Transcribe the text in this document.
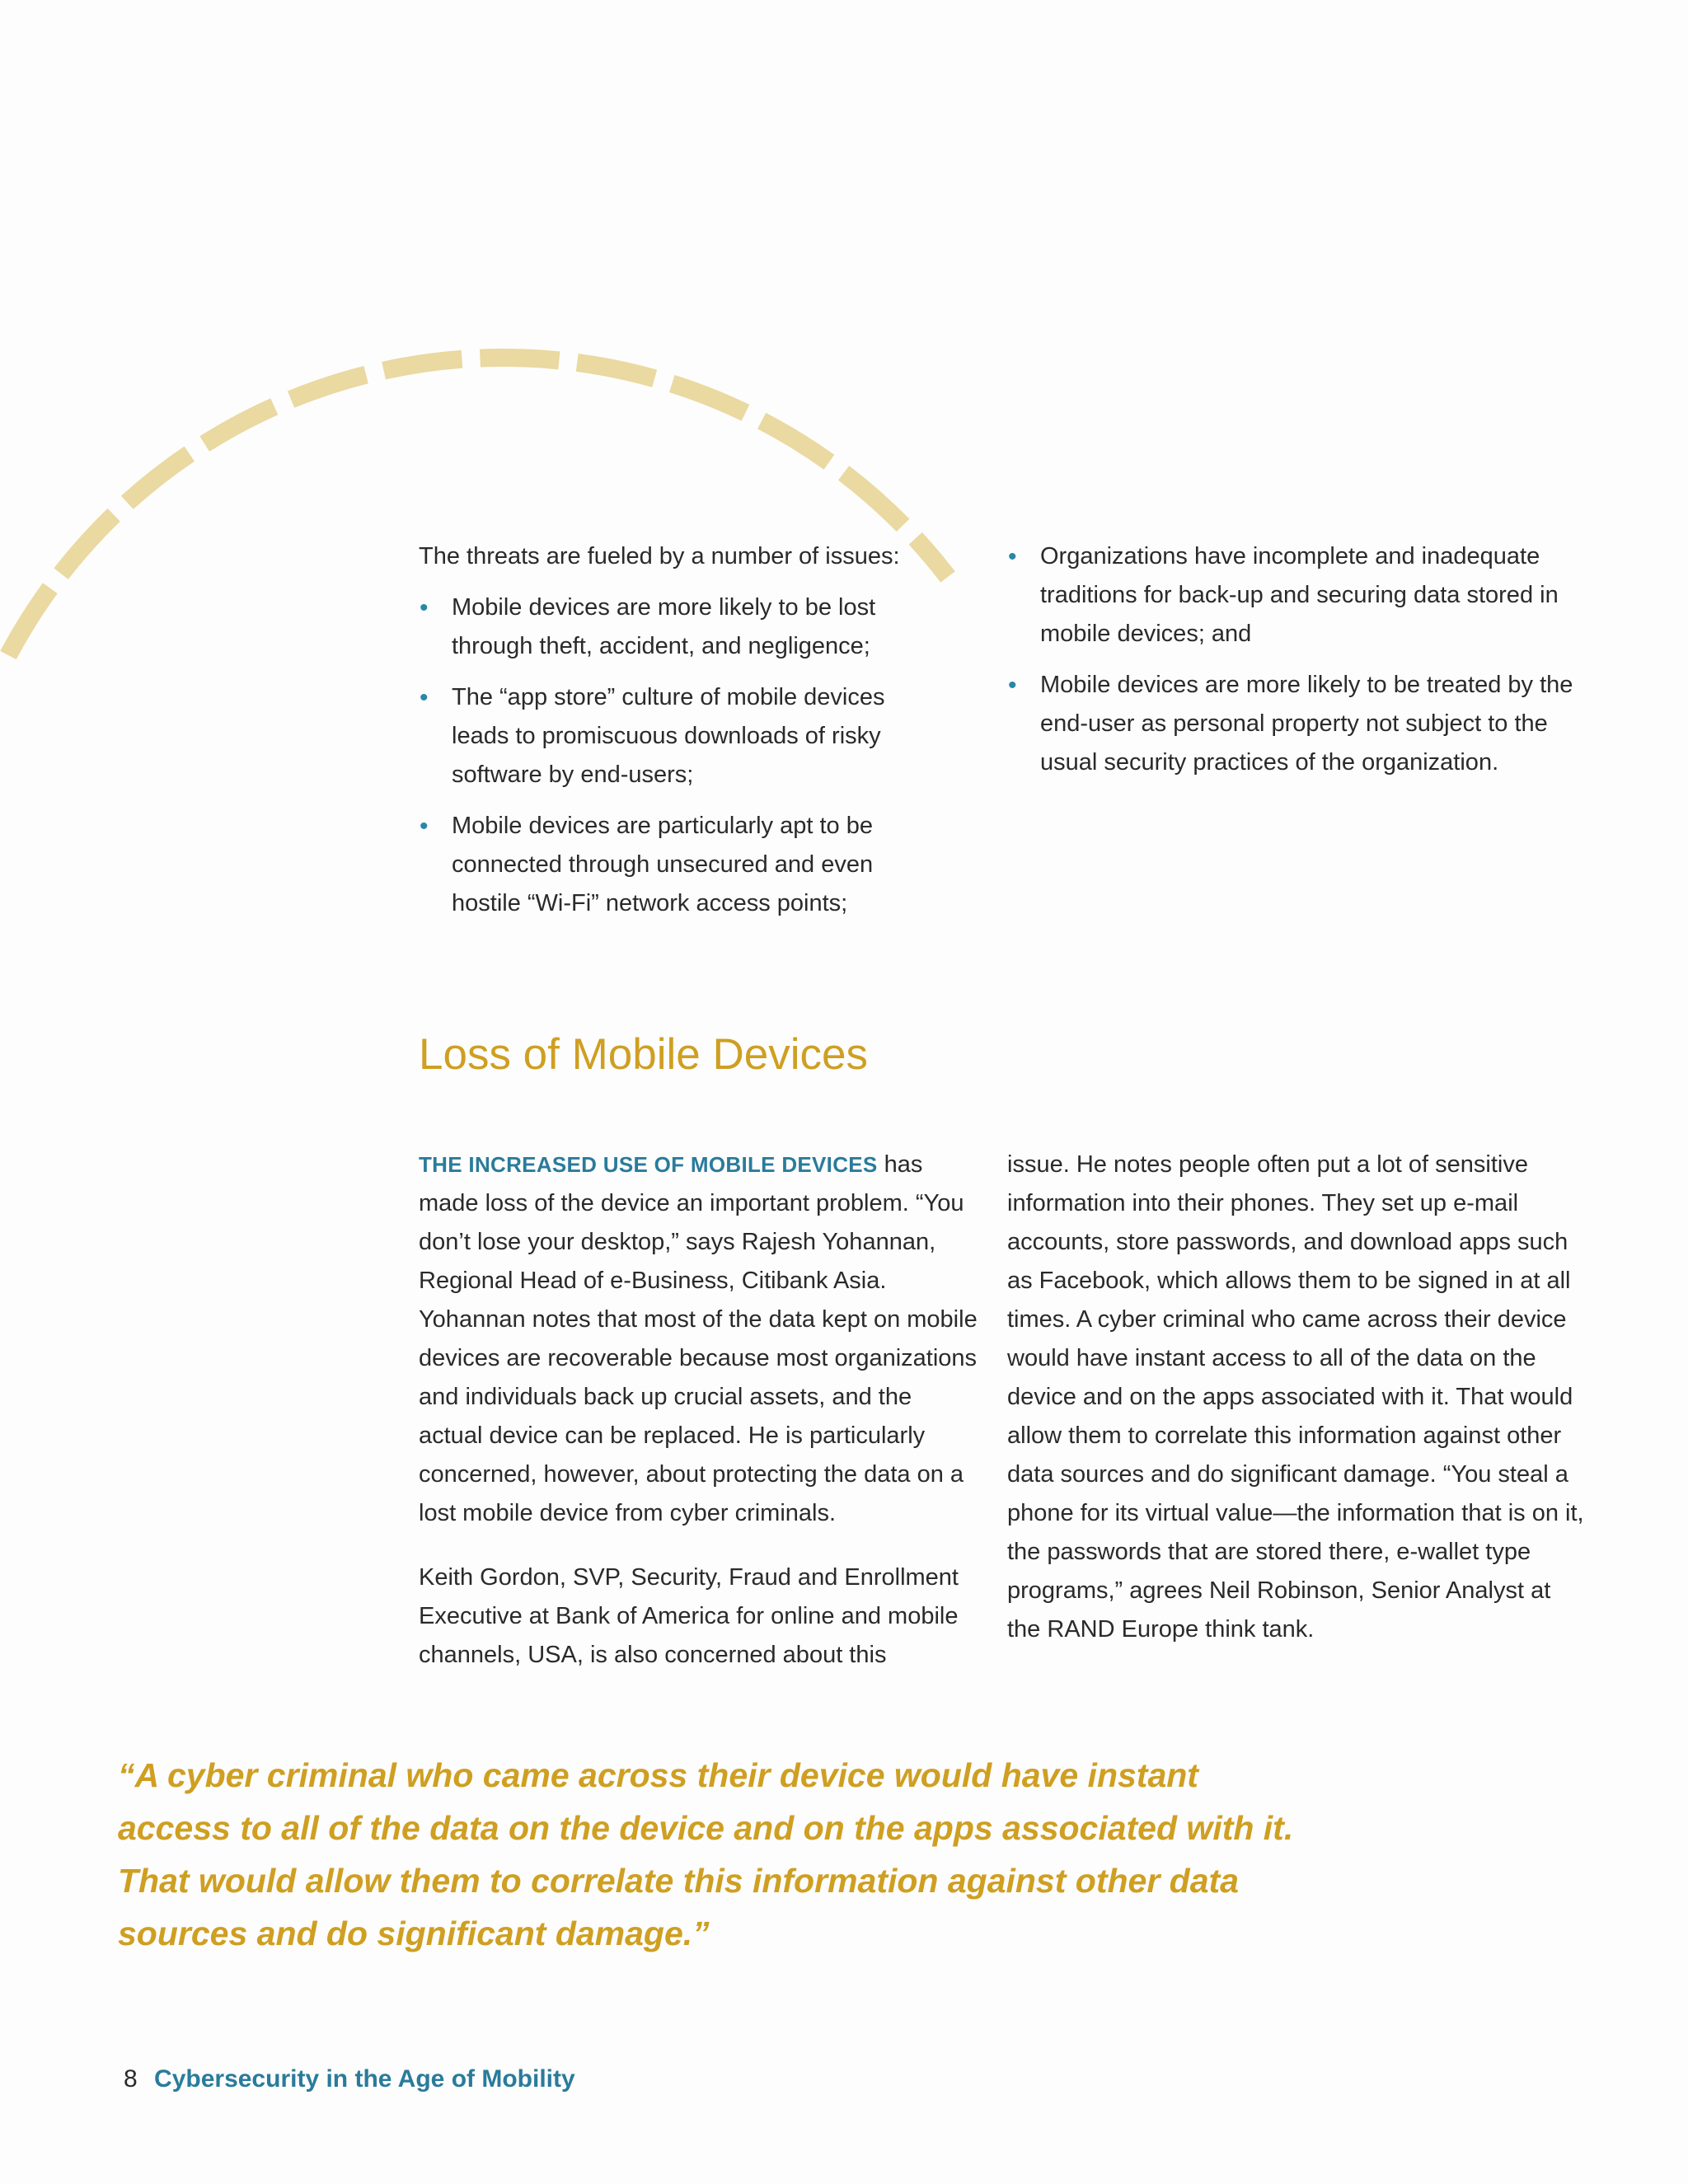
The threats are fueled by a number of issues:

• Mobile devices are more likely to be lost through theft, accident, and negligence;
• The “app store” culture of mobile devices leads to promiscuous downloads of risky software by end-users;
• Mobile devices are particularly apt to be connected through unsecured and even hostile “Wi-Fi” network access points;
• Organizations have incomplete and inadequate traditions for back-up and securing data stored in mobile devices; and
• Mobile devices are more likely to be treated by the end-user as personal property not subject to the usual security practices of the organization.
Loss of Mobile Devices

THE INCREASED USE OF MOBILE DEVICES has made loss of the device an important problem. “You don’t lose your desktop,” says Rajesh Yohannan, Regional Head of e-Business, Citibank Asia. Yohannan notes that most of the data kept on mobile devices are recoverable because most organizations and individuals back up crucial assets, and the actual device can be replaced. He is particularly concerned, however, about protecting the data on a lost mobile device from cyber criminals.

Keith Gordon, SVP, Security, Fraud and Enrollment Executive at Bank of America for online and mobile channels, USA, is also concerned about this

issue. He notes people often put a lot of sensitive information into their phones. They set up e-mail accounts, store passwords, and download apps such as Facebook, which allows them to be signed in at all times. A cyber criminal who came across their device would have instant access to all of the data on the device and on the apps associated with it. That would allow them to correlate this information against other data sources and do significant damage. “You steal a phone for its virtual value—the information that is on it, the passwords that are stored there, e-wallet type programs,” agrees Neil Robinson, Senior Analyst at the RAND Europe think tank.

“A cyber criminal who came across their device would have instant access to all of the data on the device and on the apps associated with it. That would allow them to correlate this information against other data sources and do significant damage.”
8 Cybersecurity in the Age of Mobility
